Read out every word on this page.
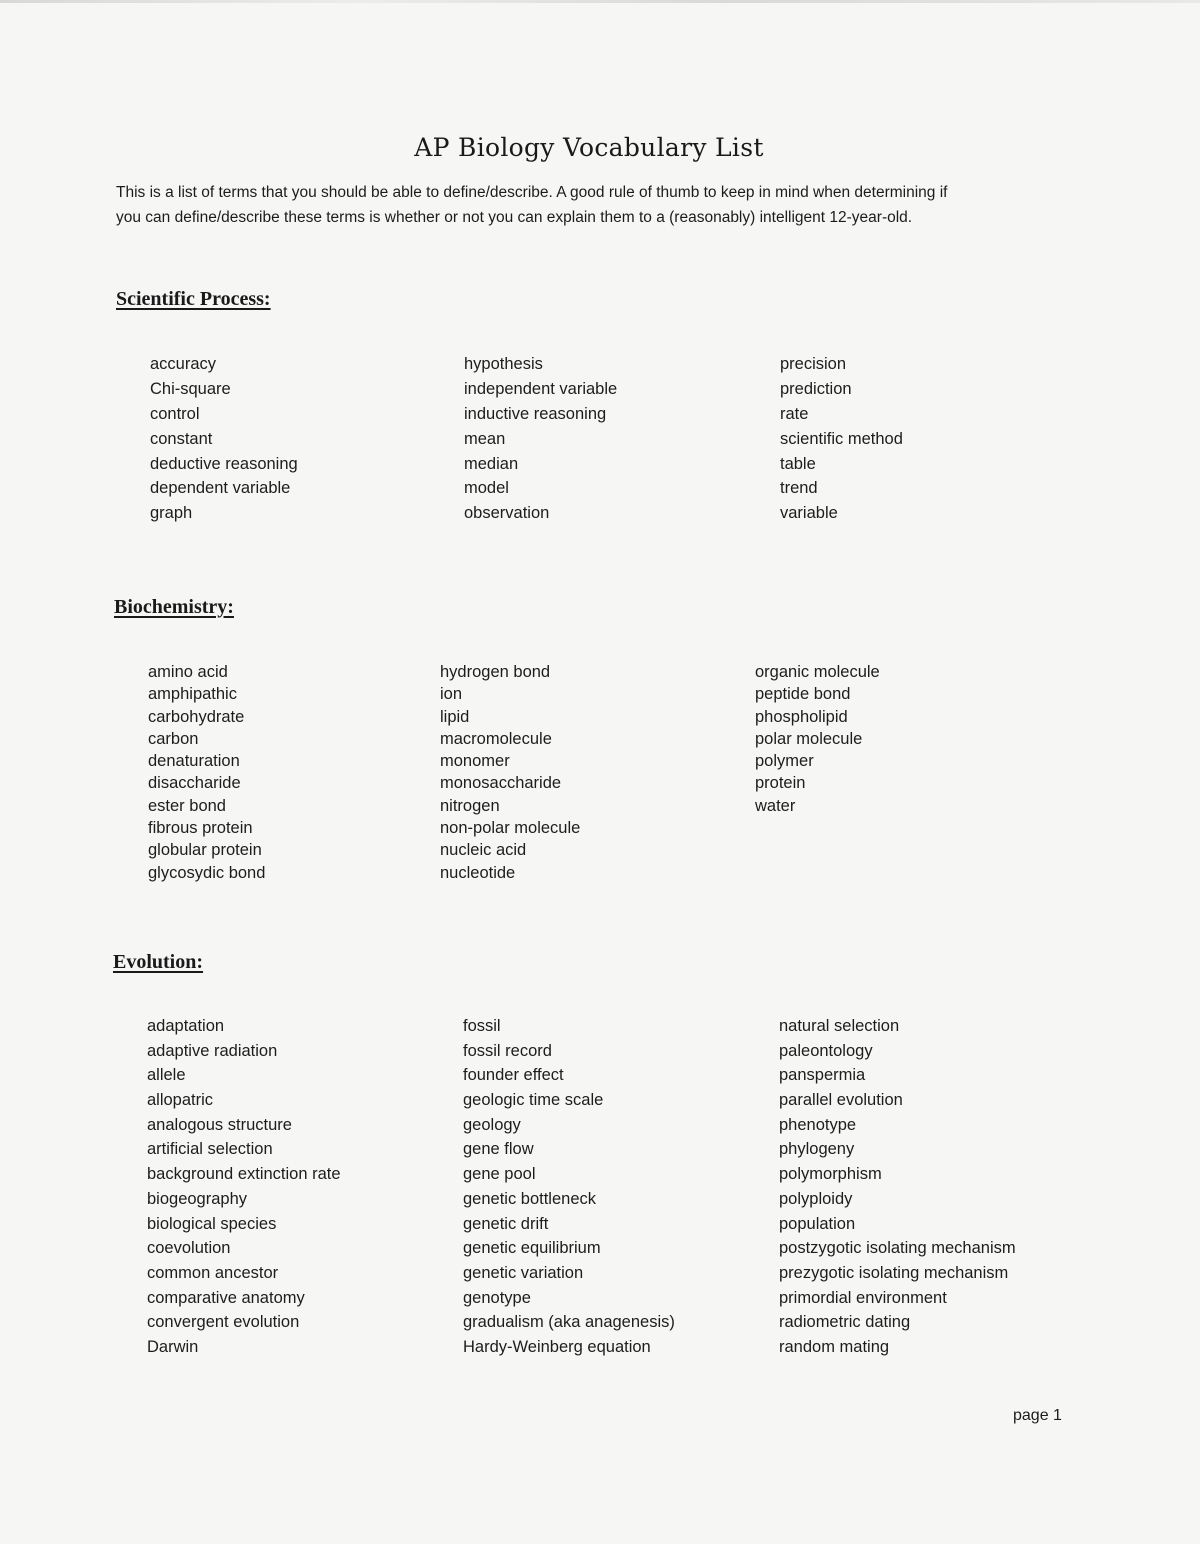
AP Biology Vocabulary List

This is a list of terms that you should be able to define/describe. A good rule of thumb to keep in mind when determining if

you can define/describe these terms is whether or not you can explain them to a (reasonably) intelligent 12-year-old.

Scientific Process:
accuracy
Chi-square
control
constant
deductive reasoning
dependent variable
graph
hypothesis
independent variable
inductive reasoning
mean
median
model
observation
precision
prediction
rate
scientific method
table
trend
variable
Biochemistry:
amino acid
amphipathic
carbohydrate
carbon
denaturation
disaccharide
ester bond
fibrous protein
globular protein
glycosydic bond
hydrogen bond
ion
lipid
macromolecule
monomer
monosaccharide
nitrogen
non-polar molecule
nucleic acid
nucleotide
organic molecule
peptide bond
phospholipid
polar molecule
polymer
protein
water
Evolution:
adaptation
adaptive radiation
allele
allopatric
analogous structure
artificial selection
background extinction rate
biogeography
biological species
coevolution
common ancestor
comparative anatomy
convergent evolution
Darwin
fossil
fossil record
founder effect
geologic time scale
geology
gene flow
gene pool
genetic bottleneck
genetic drift
genetic equilibrium
genetic variation
genotype
gradualism (aka anagenesis)
Hardy-Weinberg equation
natural selection
paleontology
panspermia
parallel evolution
phenotype
phylogeny
polymorphism
polyploidy
population
postzygotic isolating mechanism
prezygotic isolating mechanism
primordial environment
radiometric dating
random mating
page 1
